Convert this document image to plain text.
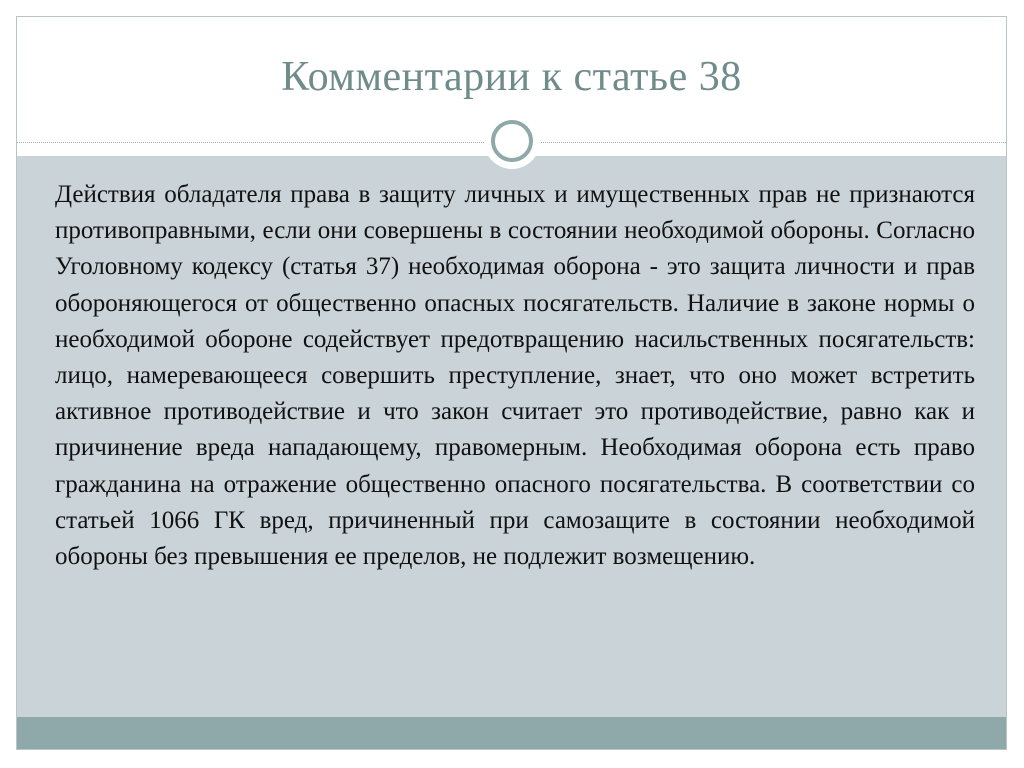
Комментарии к статье 38

Действия обладателя права в защиту личных и имущественных прав не признаются противоправными, если они совершены в состоянии необходимой обороны. Согласно Уголовному кодексу (статья 37) необходимая оборона - это защита личности и прав обороняющегося от общественно опасных посягательств. Наличие в законе нормы о необходимой обороне содействует предотвращению насильственных посягательств: лицо, намеревающееся совершить преступление, знает, что оно может встретить активное противодействие и что закон считает это противодействие, равно как и причинение вреда нападающему, правомерным. Необходимая оборона есть право гражданина на отражение общественно опасного посягательства. В соответствии со статьей 1066 ГК вред, причиненный при самозащите в состоянии необходимой обороны без превышения ее пределов, не подлежит возмещению.
